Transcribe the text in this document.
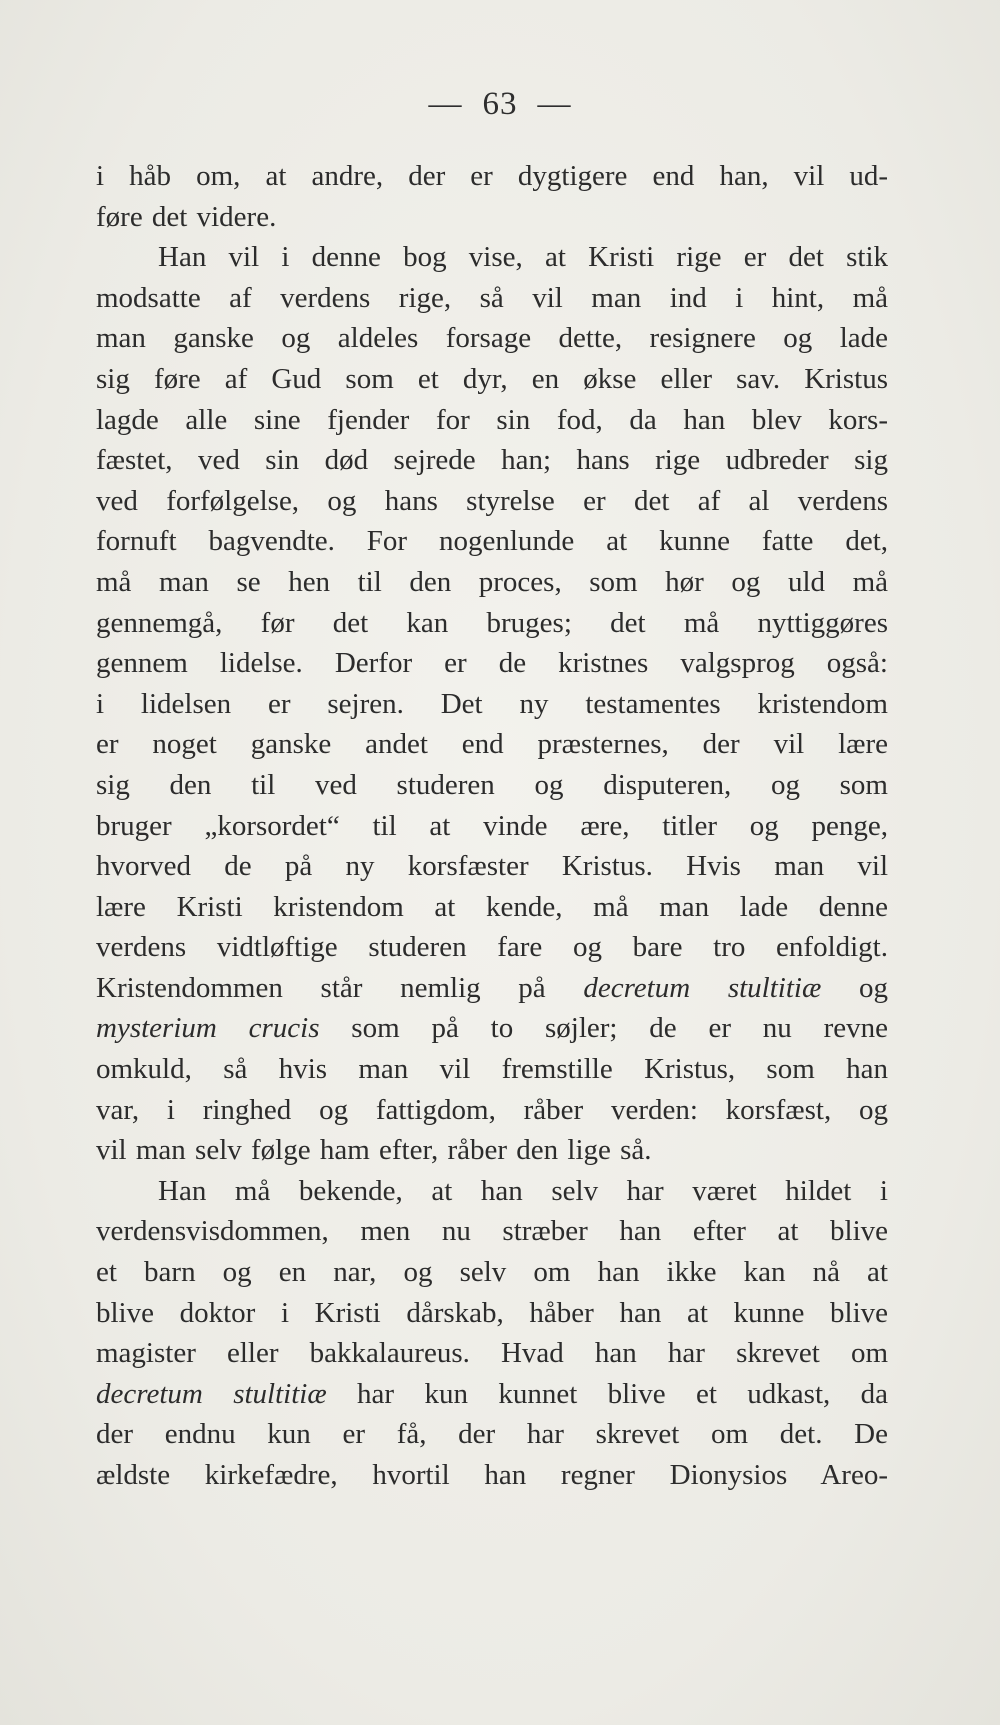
— 63 —
i håb om, at andre, der er dygtigere end han, vil ud-
føre det videre.
Han vil i denne bog vise, at Kristi rige er det stik
modsatte af verdens rige, så vil man ind i hint, må
man ganske og aldeles forsage dette, resignere og lade
sig føre af Gud som et dyr, en økse eller sav. Kristus
lagde alle sine fjender for sin fod, da han blev kors-
fæstet, ved sin død sejrede han; hans rige udbreder sig
ved forfølgelse, og hans styrelse er det af al verdens
fornuft bagvendte. For nogenlunde at kunne fatte det,
må man se hen til den proces, som hør og uld må
gennemgå, før det kan bruges; det må nyttiggøres
gennem lidelse. Derfor er de kristnes valgsprog også:
i lidelsen er sejren. Det ny testamentes kristendom
er noget ganske andet end præsternes, der vil lære
sig den til ved studeren og disputeren, og som
bruger „korsordet“ til at vinde ære, titler og penge,
hvorved de på ny korsfæster Kristus. Hvis man vil
lære Kristi kristendom at kende, må man lade denne
verdens vidtløftige studeren fare og bare tro enfoldigt.
Kristendommen står nemlig på decretum stultitiæ og
mysterium crucis som på to søjler; de er nu revne
omkuld, så hvis man vil fremstille Kristus, som han
var, i ringhed og fattigdom, råber verden: korsfæst, og
vil man selv følge ham efter, råber den lige så.
Han må bekende, at han selv har været hildet i
verdensvisdommen, men nu stræber han efter at blive
et barn og en nar, og selv om han ikke kan nå at
blive doktor i Kristi dårskab, håber han at kunne blive
magister eller bakkalaureus. Hvad han har skrevet om
decretum stultitiæ har kun kunnet blive et udkast, da
der endnu kun er få, der har skrevet om det. De
ældste kirkefædre, hvortil han regner Dionysios Areo-
